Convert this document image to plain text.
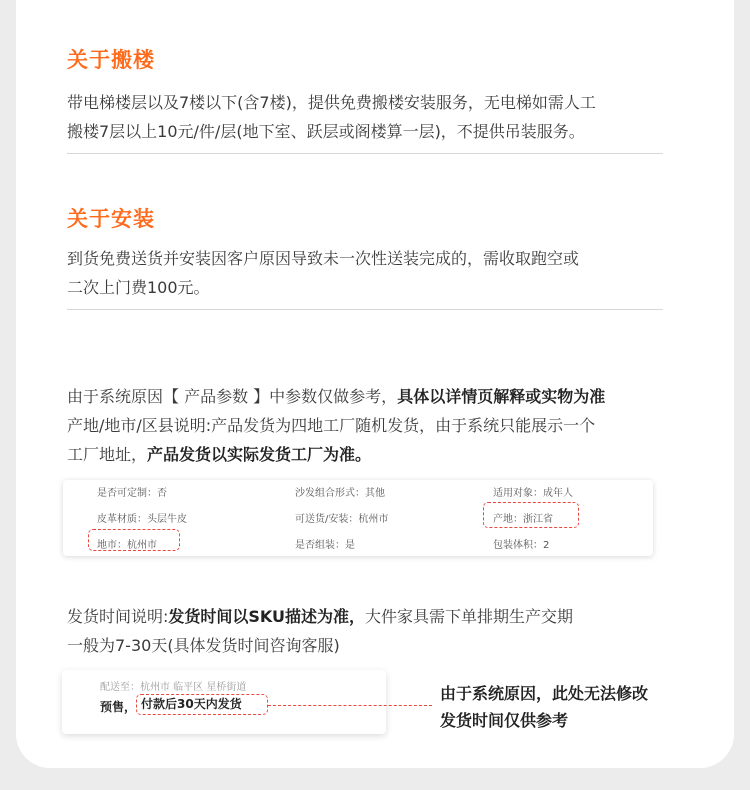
关于搬楼
带电梯楼层以及7楼以下(含7楼)，提供免费搬楼安装服务，无电梯如需人工
搬楼7层以上10元/件/层(地下室、跃层或阁楼算一层)，不提供吊装服务。
关于安装
到货免费送货并安装因客户原因导致未一次性送装完成的，需收取跑空或
二次上门费100元。
由于系统原因【 产品参数 】中参数仅做参考，具体以详情页解释或实物为准
产地/地市/区县说明:产品发货为四地工厂随机发货，由于系统只能展示一个
工厂地址，产品发货以实际发货工厂为准。
是否可定制：否	沙发组合形式：其他	适用对象：成年人
皮革材质：头层牛皮	可送货/安装：杭州市	产地：浙江省
地市：杭州市	是否组装：是	包装体积：2
发货时间说明:发货时间以SKU描述为准，大件家具需下单排期生产交期
一般为7-30天(具体发货时间咨询客服)
配送至：杭州市 临平区 星桥街道
预售， 付款后30天内发货
由于系统原因，此处无法修改
发货时间仅供参考
